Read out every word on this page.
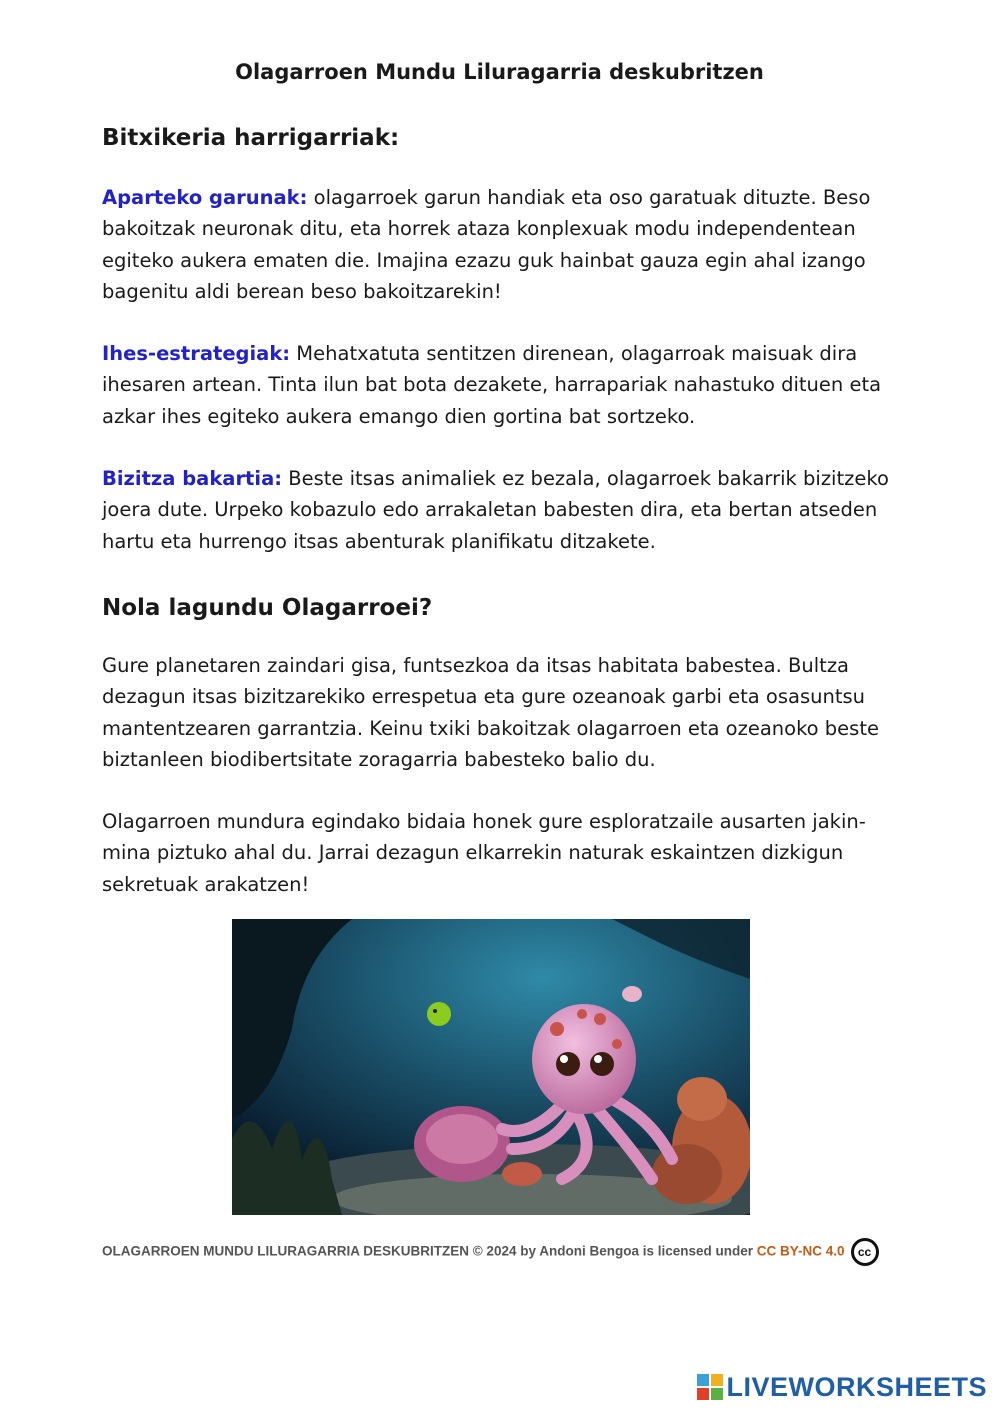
Olagarroen Mundu Liluragarria deskubritzen
Bitxikeria harrigarriak:

Aparteko garunak: olagarroek garun handiak eta oso garatuak dituzte. Beso bakoitzak neuronak ditu, eta horrek ataza konplexuak modu independentean egiteko aukera ematen die. Imajina ezazu guk hainbat gauza egin ahal izango bagenitu aldi berean beso bakoitzarekin!

Ihes-estrategiak: Mehatxatuta sentitzen direnean, olagarroak maisuak dira ihesaren artean. Tinta ilun bat bota dezakete, harrapariak nahastuko dituen eta azkar ihes egiteko aukera emango dien gortina bat sortzeko.

Bizitza bakartia: Beste itsas animaliek ez bezala, olagarroek bakarrik bizitzeko joera dute. Urpeko kobazulo edo arrakaletan babesten dira, eta bertan atseden hartu eta hurrengo itsas abenturak planifikatu ditzakete.

Nola lagundu Olagarroei?

Gure planetaren zaindari gisa, funtsezkoa da itsas habitata babestea. Bultza dezagun itsas bizitzarekiko errespetua eta gure ozeanoak garbi eta osasuntsu mantentzearen garrantzia. Keinu txiki bakoitzak olagarroen eta ozeanoko beste biztanleen biodibertsitate zoragarria babesteko balio du.

Olagarroen mundura egindako bidaia honek gure esploratzaile ausarten jakin-mina piztuko ahal du. Jarrai dezagun elkarrekin naturak eskaintzen dizkigun sekretuak arakatzen!

OLAGARROEN MUNDU LILURAGARRIA DESKUBRITZEN © 2024 by Andoni Bengoa is licensed under CC BY-NC 4.0 cc
LIVEWORKSHEETS
